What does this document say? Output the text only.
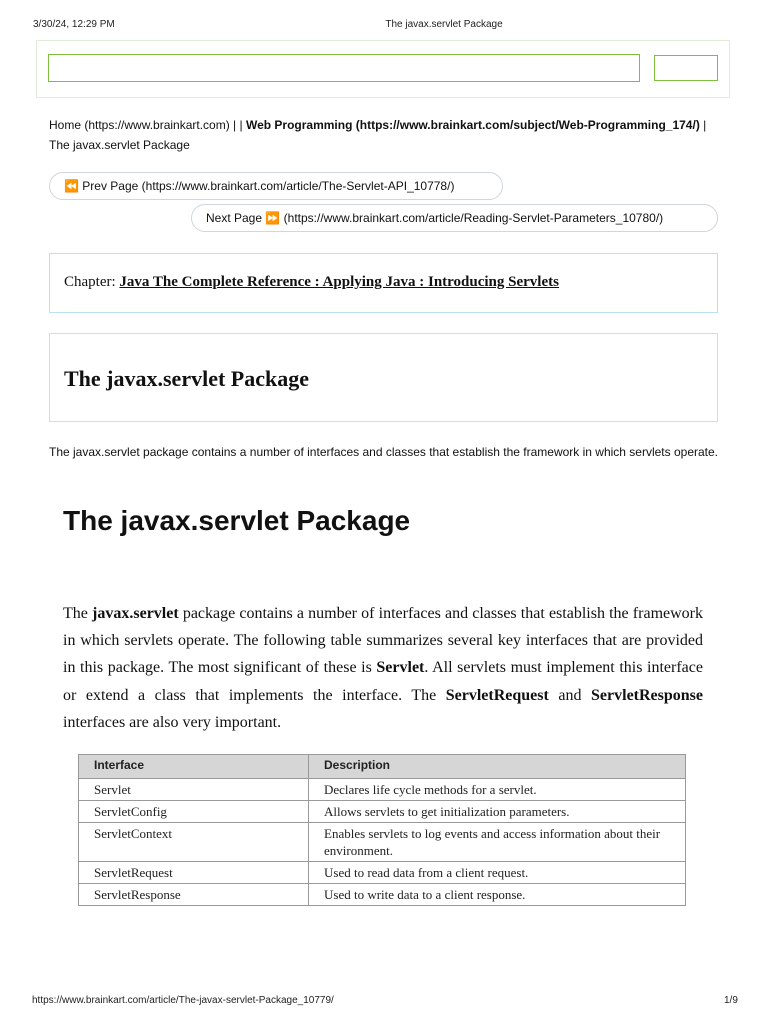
3/30/24, 12:29 PM	The javax.servlet Package
Home (https://www.brainkart.com) | | Web Programming (https://www.brainkart.com/subject/Web-Programming_174/) | The javax.servlet Package
⏪ Prev Page (https://www.brainkart.com/article/The-Servlet-API_10778/)
Next Page ⏩ (https://www.brainkart.com/article/Reading-Servlet-Parameters_10780/)
Chapter: Java The Complete Reference : Applying Java : Introducing Servlets
The javax.servlet Package
The javax.servlet package contains a number of interfaces and classes that establish the framework in which servlets operate.
The javax.servlet Package
The javax.servlet package contains a number of interfaces and classes that establish the framework in which servlets operate. The following table summarizes several key interfaces that are provided in this package. The most significant of these is Servlet. All servlets must implement this interface or extend a class that implements the interface. The ServletRequest and ServletResponse interfaces are also very important.
Interface	Description
Servlet	Declares life cycle methods for a servlet.
ServletConfig	Allows servlets to get initialization parameters.
ServletContext	Enables servlets to log events and access information about their environment.
ServletRequest	Used to read data from a client request.
ServletResponse	Used to write data to a client response.
https://www.brainkart.com/article/The-javax-servlet-Package_10779/	1/9
